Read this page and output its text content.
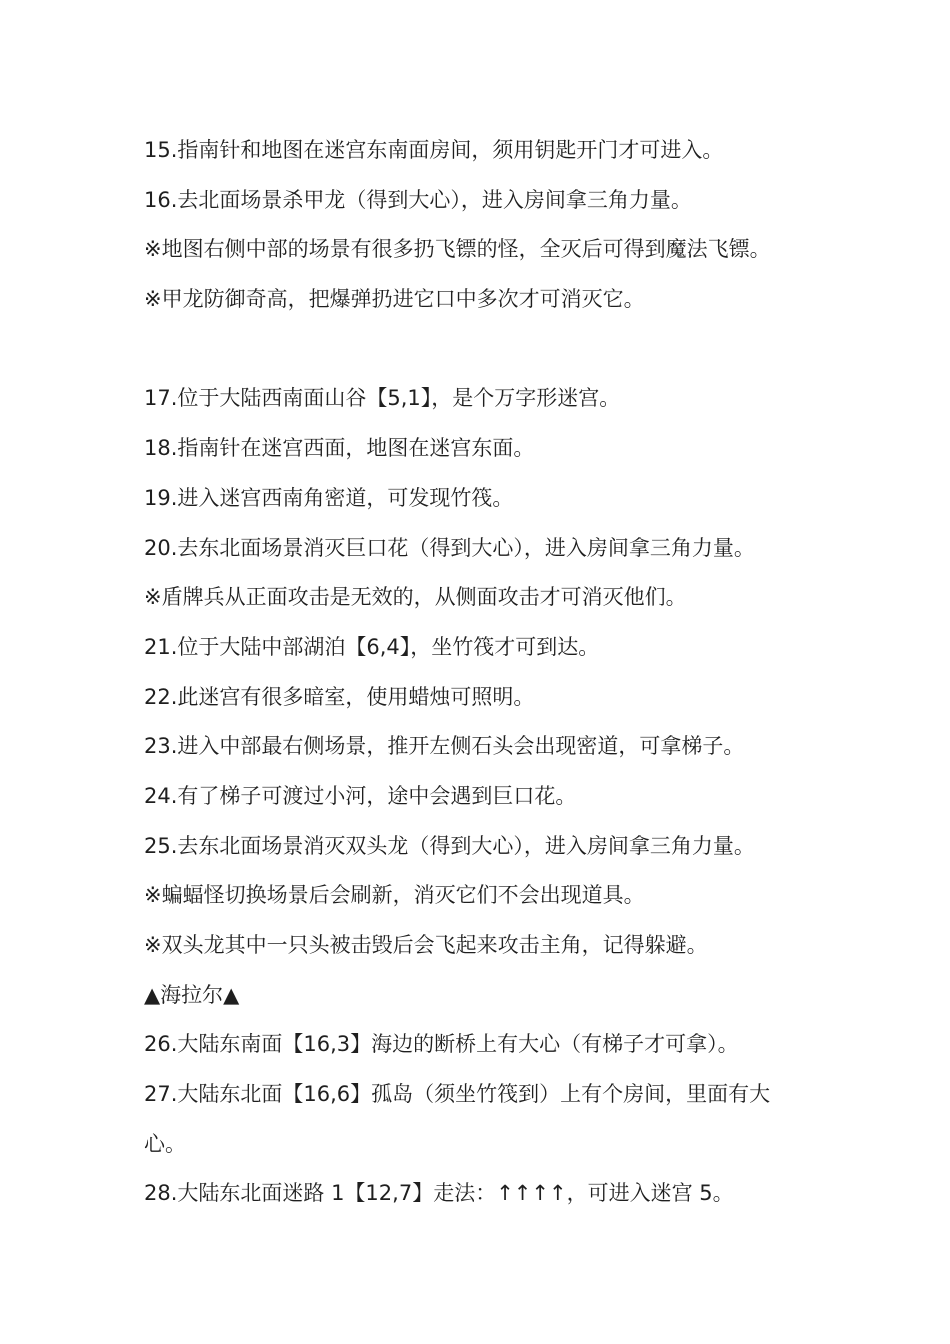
15.指南针和地图在迷宫东南面房间，须用钥匙开门才可进入。
16.去北面场景杀甲龙（得到大心），进入房间拿三角力量。
※地图右侧中部的场景有很多扔飞镖的怪，全灭后可得到魔法飞镖。
※甲龙防御奇高，把爆弹扔进它口中多次才可消灭它。
17.位于大陆西南面山谷【5,1】，是个万字形迷宫。
18.指南针在迷宫西面，地图在迷宫东面。
19.进入迷宫西南角密道，可发现竹筏。
20.去东北面场景消灭巨口花（得到大心），进入房间拿三角力量。
※盾牌兵从正面攻击是无效的，从侧面攻击才可消灭他们。
21.位于大陆中部湖泊【6,4】，坐竹筏才可到达。
22.此迷宫有很多暗室，使用蜡烛可照明。
23.进入中部最右侧场景，推开左侧石头会出现密道，可拿梯子。
24.有了梯子可渡过小河，途中会遇到巨口花。
25.去东北面场景消灭双头龙（得到大心），进入房间拿三角力量。
※蝙蝠怪切换场景后会刷新，消灭它们不会出现道具。
※双头龙其中一只头被击毁后会飞起来攻击主角，记得躲避。
▲海拉尔▲
26.大陆东南面【16,3】海边的断桥上有大心（有梯子才可拿）。
27.大陆东北面【16,6】孤岛（须坐竹筏到）上有个房间，里面有大
心。
28.大陆东北面迷路 1【12,7】走法：↑↑↑↑，可进入迷宫 5。
